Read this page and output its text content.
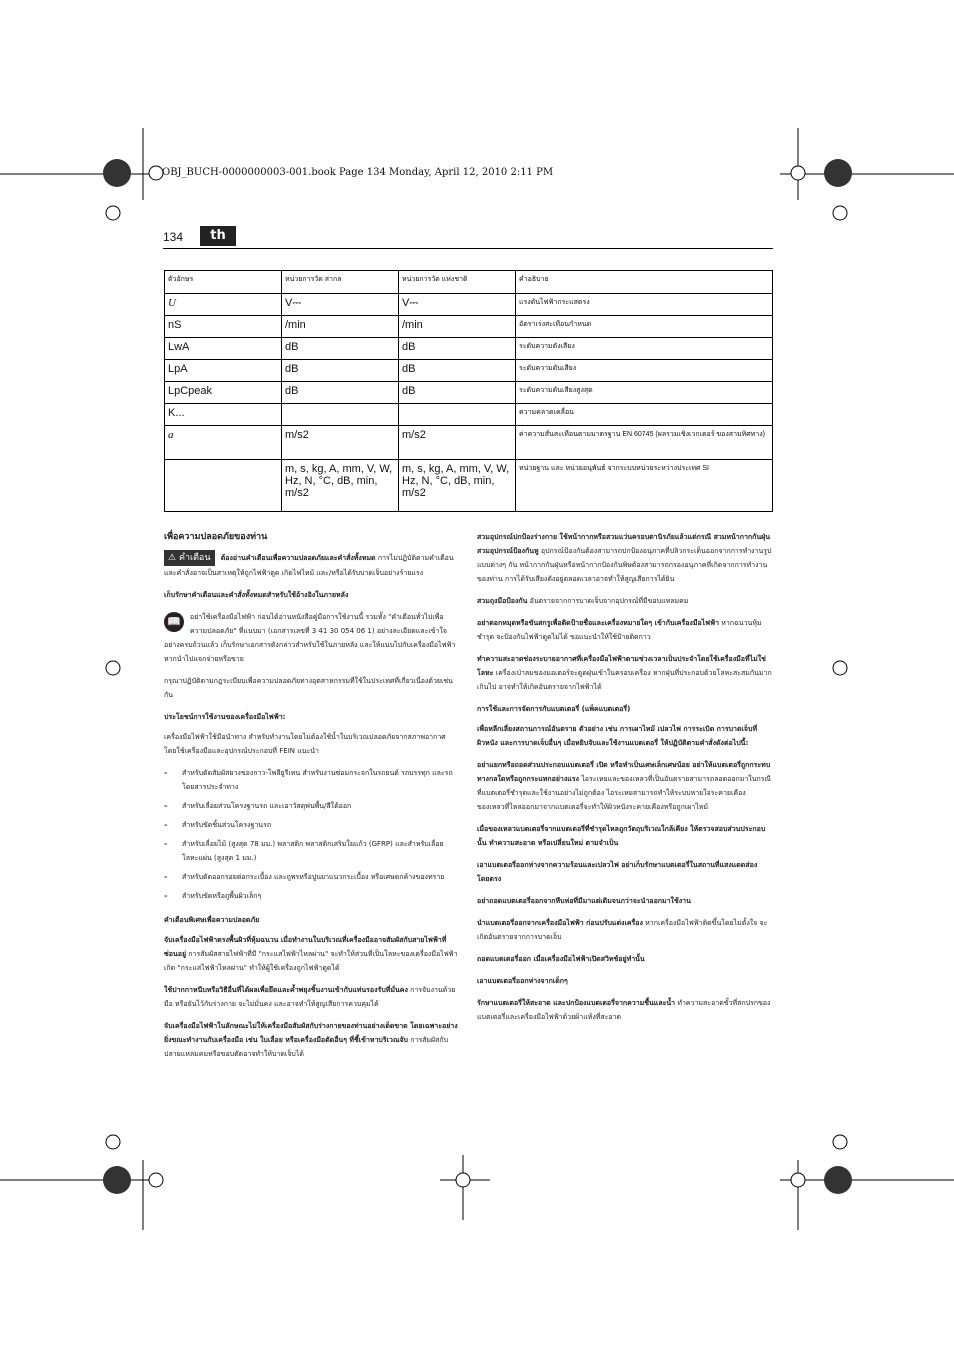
OBJ_BUCH-0000000003-001.book Page 134 Monday, April 12, 2010 2:11 PM
134	th
ตัวอักษร	หน่วยการวัด สากล	หน่วยการวัด แห่งชาติ	คำอธิบาย
U	V⎓	V⎓	แรงดันไฟฟ้ากระแสตรง
nS	/min	/min	อัตราเร่งสะเทือนกำหนด
LwA	dB	dB	ระดับความดังเสียง
LpA	dB	dB	ระดับความดันเสียง
LpCpeak	dB	dB	ระดับความดันเสียงสูงสุด
K...			ความคลาดเคลื่อน
a	m/s2	m/s2	ค่าความสั่นสะเทือนตามมาตรฐาน EN 60745 (ผลรวมเชิงเวกเตอร์ ของสามทิศทาง)
	m, s, kg, A, mm, V, W, Hz, N, °C, dB, min, m/s2	m, s, kg, A, mm, V, W, Hz, N, °C, dB, min, m/s2	หน่วยฐาน และ หน่วยอนุพันธ์ จากระบบหน่วยระหว่างประเทศ SI
เพื่อความปลอดภัยของท่าน

⚠ คำเตือน ต้องอ่านคำเตือนเพื่อความปลอดภัยและคำสั่งทั้งหมด การไม่ปฏิบัติตามคำเตือนและคำสั่งอาจเป็นสาเหตุให้ถูกไฟฟ้าดูด เกิดไฟไหม้ และ/หรือได้รับบาดเจ็บอย่างร้ายแรง

เก็บรักษาคำเตือนและคำสั่งทั้งหมดสำหรับใช้อ้างอิงในภายหลัง

📖	อย่าใช้เครื่องมือไฟฟ้า ก่อนได้อ่านหนังสือคู่มือการใช้งานนี้ รวมทั้ง "คำเตือนทั่วไปเพื่อความปลอดภัย" ที่แนบมา (เอกสารเลขที่ 3 41 30 054 06 1) อย่างละเอียดและเข้าใจอย่างครบถ้วนแล้ว เก็บรักษาเอกสารดังกล่าวสำหรับใช้ในภายหลัง และให้แนบไปกับเครื่องมือไฟฟ้าหากนำไปแจกจ่ายหรือขาย

กรุณาปฏิบัติตามกฎระเบียบเพื่อความปลอดภัยทางอุตสาหกรรมที่ใช้ในประเทศที่เกี่ยวเนื่องด้วยเช่นกัน

ประโยชน์การใช้งานของเครื่องมือไฟฟ้า:

เครื่องมือไฟฟ้าใช้มือนำทาง สำหรับทำงานโดยไม่ต้องใช้น้ำในบริเวณปลอดภัยจากสภาพอากาศ โดยใช้เครื่องมือและอุปกรณ์ประกอบที่ FEIN แนะนำ

–	สำหรับตัดสัมผัสยางของกาว-โพลียูรีเทน สำหรับงานซ่อมกระจกในรถยนต์ รถบรรทุก และรถโดยสารประจำทาง
–	สำหรับเลื่อยส่วนโครงฐานรถ และเอาวัสดุพ่นพื้น/สีใต้ออก
–	สำหรับขัดชิ้นส่วนโครงฐานรถ
–	สำหรับเลื่อยไม้ (สูงสุด 78 มม.) พลาสติก พลาสติกเสริมใยแก้ว (GFRP) และสำหรับเลื่อยโลหะแผ่น (สูงสุด 1 มม.)
–	สำหรับตัดออกรอยต่อกระเบื้อง และถูพรหรือปูนยาแนวกระเบื้อง หรือเศษตกค้างของทราย
–	สำหรับขัดหรือถูพื้นผิวเล็กๆ
คำเตือนพิเศษเพื่อความปลอดภัย

จับเครื่องมือไฟฟ้าตรงพื้นผิวที่หุ้มฉนวน เมื่อทำงานในบริเวณที่เครื่องมืออาจสัมผัสกับสายไฟฟ้าที่ซ่อนอยู่ การสัมผัสสายไฟฟ้าที่มี "กระแสไฟฟ้าไหลผ่าน" จะทำให้ส่วนที่เป็นโลหะของเครื่องมือไฟฟ้าเกิด "กระแสไฟฟ้าไหลผ่าน" ทำให้ผู้ใช้เครื่องถูกไฟฟ้าดูดได้

ใช้ปากกาหนีบหรือวิธีอื่นที่ได้ผลเพื่อยึดและค้ำพยุงชิ้นงานเข้ากับแท่นรองรับที่มั่นคง การจับงานด้วยมือ หรือยันไว้กับร่างกาย จะไม่มั่นคง และอาจทำให้สูญเสียการควบคุมได้

จับเครื่องมือไฟฟ้าในลักษณะไม่ให้เครื่องมือสัมผัสกับร่างกายของท่านอย่างเด็ดขาด โดยเฉพาะอย่างยิ่งขณะทำงานกับเครื่องมือ เช่น ใบเลื่อย หรือเครื่องมือตัดอื่นๆ ที่ชี้เข้าหาบริเวณจับ การสัมผัสกับปลายแหลมคมหรือขอบตัดอาจทำให้บาดเจ็บได้

สวมอุปกรณ์ปกป้องร่างกาย ใช้หน้ากากหรือสวมแว่นครอบตานิรภัยแล้วแต่กรณี สวมหน้ากากกันฝุ่น สวมอุปกรณ์ป้องกันหู อุปกรณ์ป้องกันต้องสามารถปกป้องอนุภาคที่ปลิวกระเด็นออกจากการทำงานรูปแบบต่างๆ กัน หน้ากากกันฝุ่นหรือหน้ากากป้องกันพิษต้องสามารถกรองอนุภาคที่เกิดจากการทำงานของท่าน การได้รับเสียงดังอยู่ตลอดเวลาอาจทำให้สูญเสียการได้ยิน

สวมถุงมือป้องกัน อันตรายจากการบาดเจ็บจากอุปกรณ์ที่มีขอบแหลมคม

อย่าตอกหมุดหรือขันสกรูเพื่อติดป้ายชื่อและเครื่องหมายใดๆ เข้ากับเครื่องมือไฟฟ้า หากฉนวนหุ้มชำรุด จะป้องกันไฟฟ้าดูดไม่ได้ ขอแนะนำให้ใช้ป้ายติดกาว

ทำความสะอาดช่องระบายอากาศที่เครื่องมือไฟฟ้าตามช่วงเวลาเป็นประจำโดยใช้เครื่องมือที่ไม่ใช่โลหะ เครื่องเป่าลมของมอเตอร์จะดูดฝุ่นเข้าในครอบเครื่อง หากฝุ่นที่ประกอบด้วยโลหะสะสมกันมากเกินไป อาจทำให้เกิดอันตรายจากไฟฟ้าได้

การใช้และการจัดการกับแบตเตอรี่ (แพ็คแบตเตอรี่)

เพื่อหลีกเลี่ยงสถานการณ์อันตราย ตัวอย่าง เช่น การเผาไหม้ เปลวไฟ การระเบิด การบาดเจ็บที่ผิวหนัง และการบาดเจ็บอื่นๆ เมื่อหยิบจับและใช้งานแบตเตอรี่ ให้ปฏิบัติตามคำสั่งดังต่อไปนี้:

อย่าแยกหรือถอดส่วนประกอบแบตเตอรี่ เปิด หรือทำเป็นเศษเล็กเศษน้อย อย่าให้แบตเตอรี่ถูกกระทบทางกลใดหรือถูกกระแทกอย่างแรง ไอระเหยและของเหลวที่เป็นอันตรายสามารถลอดออกมาในกรณีที่แบตเตอรี่ชำรุดและใช้งานอย่างไม่ถูกต้อง ไอระเหยสามารถทำให้ระบบหายใจระคายเคือง ของเหลวที่ไหลออกมาจากแบตเตอรี่จะทำให้ผิวหนังระคายเคืองหรือถูกเผาไหม้

เมื่อของเหลวแบตเตอรี่จากแบตเตอรี่ที่ชำรุดไหลถูกวัตถุบริเวณใกล้เคียง ให้ตรวจสอบส่วนประกอบนั้น ทำความสะอาด หรือเปลี่ยนใหม่ ตามจำเป็น

เอาแบตเตอรี่ออกห่างจากความร้อนและเปลวไฟ อย่าเก็บรักษาแบตเตอรี่ในสถานที่แสงแดดส่องโดยตรง

อย่าถอดแบตเตอรี่ออกจากหีบห่อที่มีมาแต่เดิมจนกว่าจะนำออกมาใช้งาน

นำแบตเตอรี่ออกจากเครื่องมือไฟฟ้า ก่อนปรับแต่งเครื่อง หากเครื่องมือไฟฟ้าติดขึ้นโดยไม่ตั้งใจ จะเกิดอันตรายจากการบาดเจ็บ

ถอดแบตเตอรี่ออก เมื่อเครื่องมือไฟฟ้าเปิดสวิทช์อยู่ทำนั้น

เอาแบตเตอรี่ออกห่างจากเด็กๆ

รักษาแบตเตอรี่ให้สะอาด และปกป้องแบตเตอรี่จากความชื้นและน้ำ ทำความสะอาดขั้วที่สกปรกของแบตเตอรี่และเครื่องมือไฟฟ้าด้วยผ้าแห้งที่สะอาด
